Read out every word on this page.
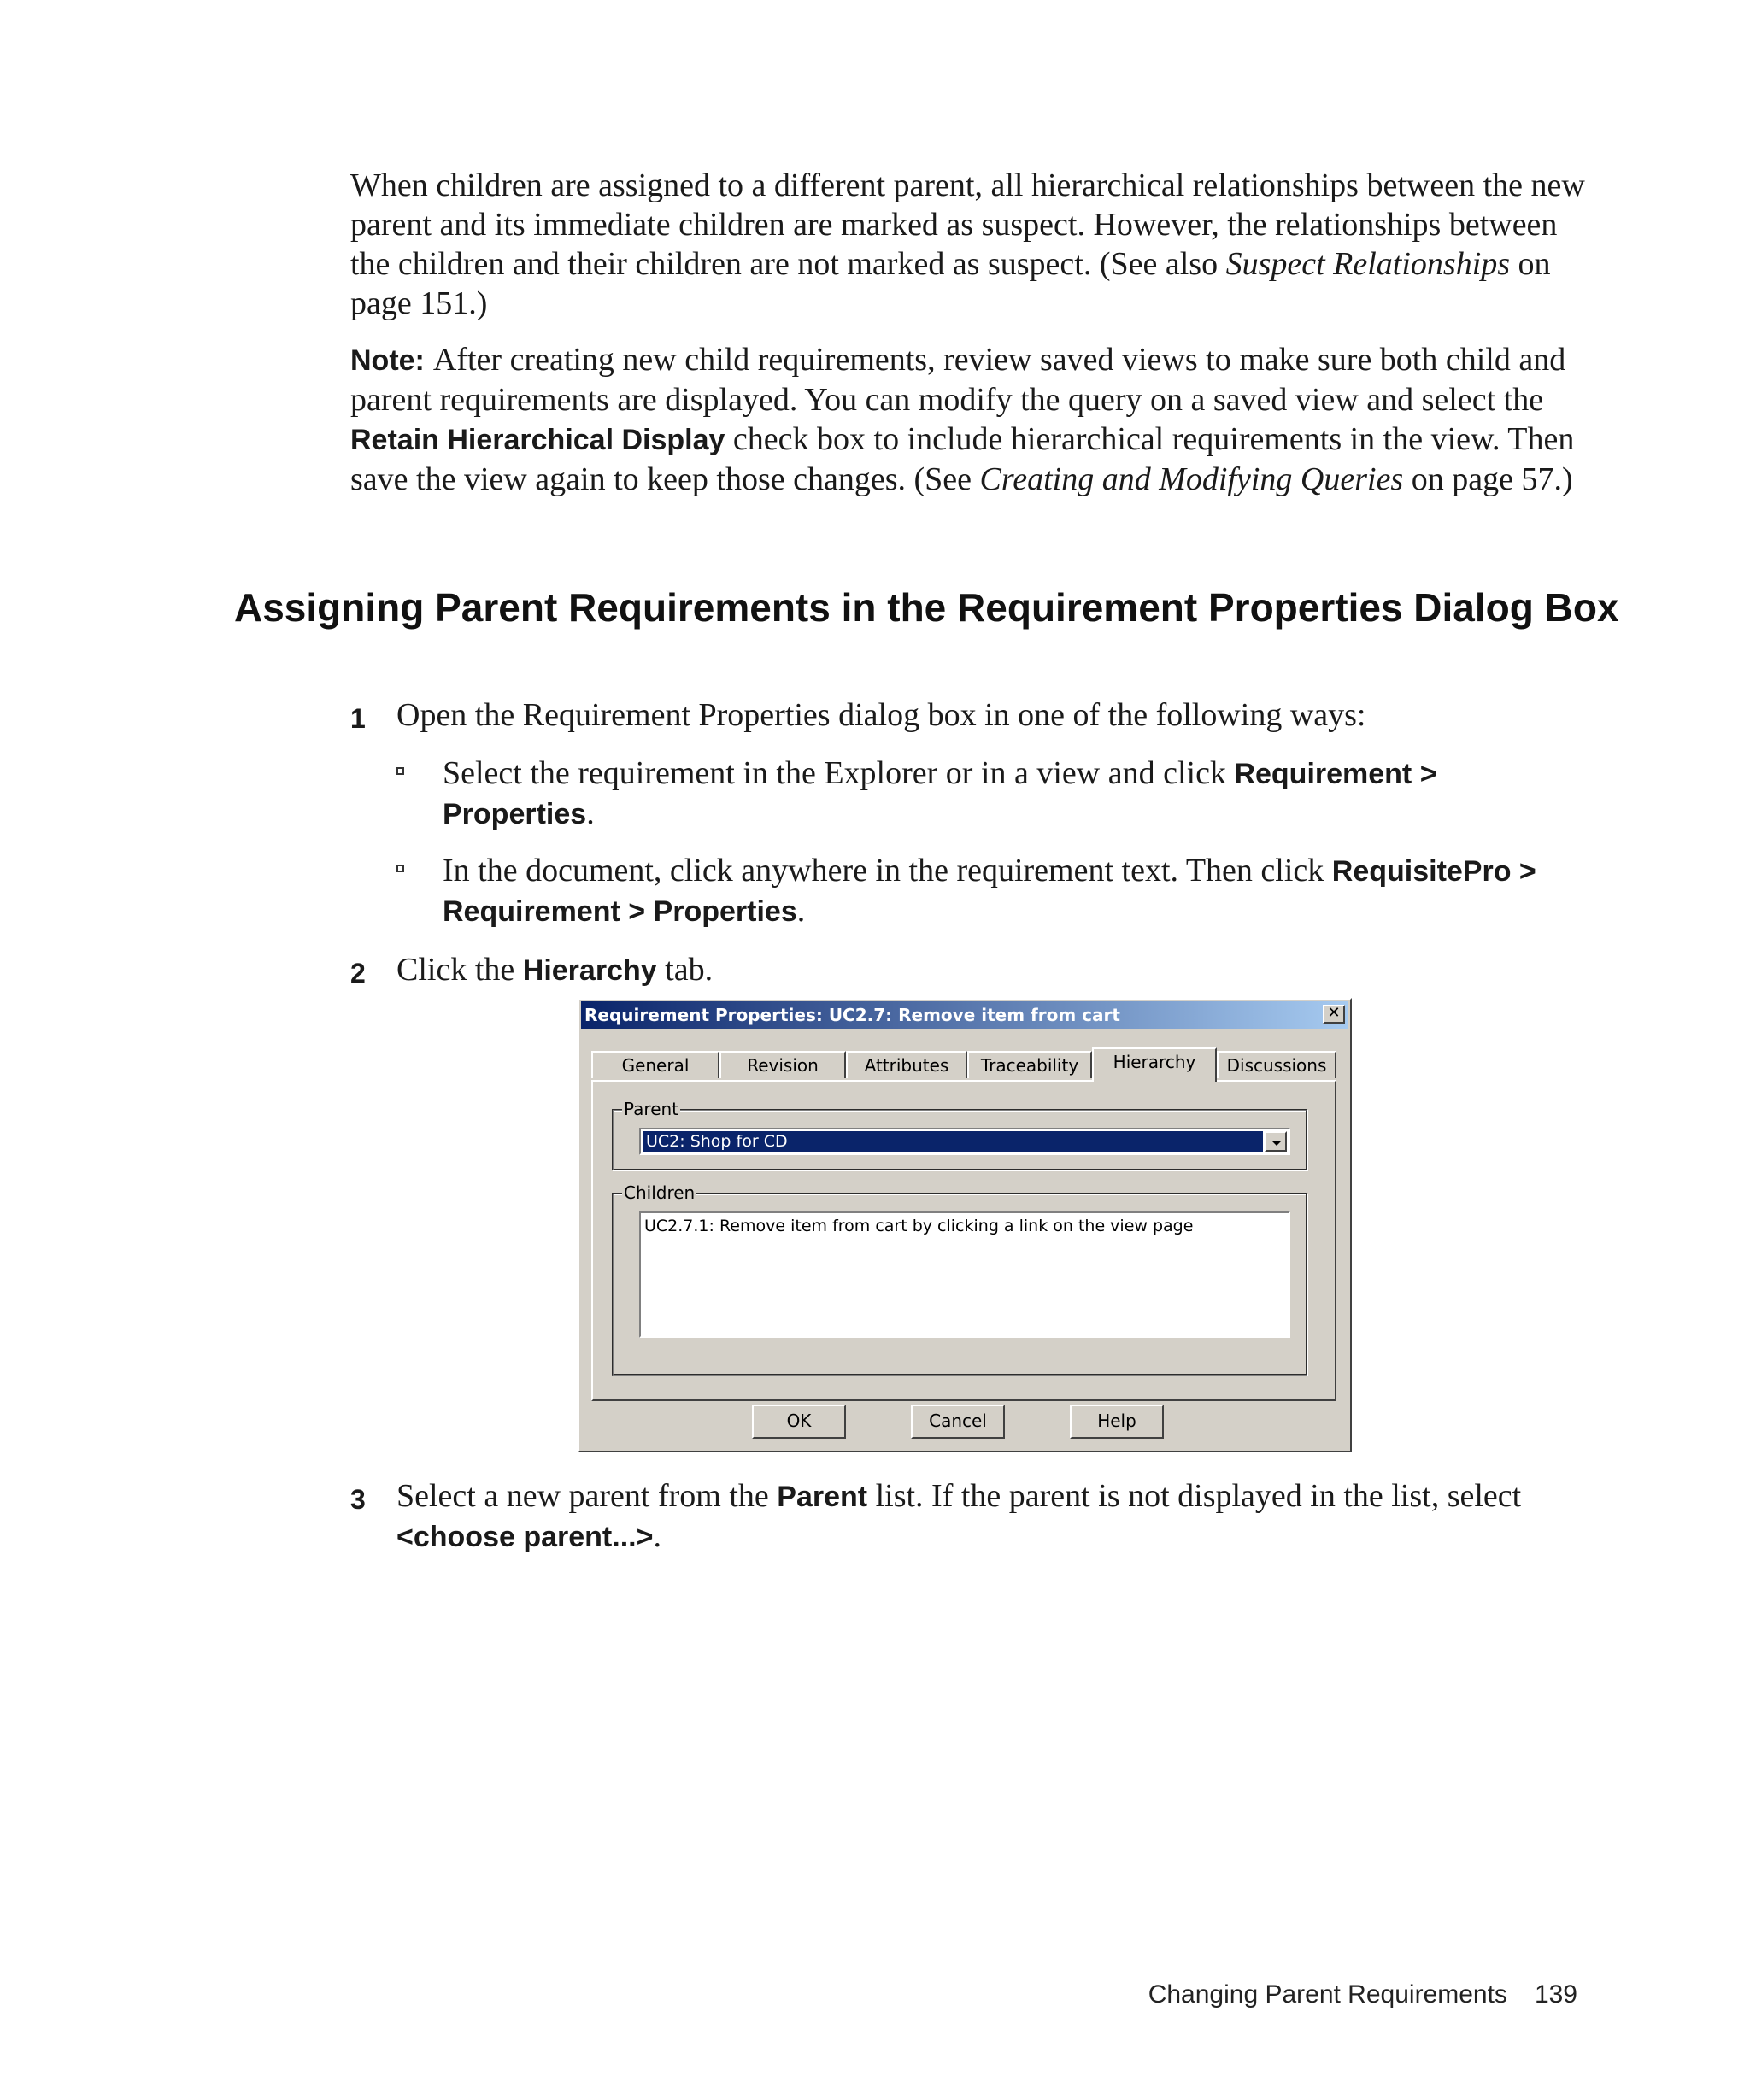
When children are assigned to a different parent, all hierarchical relationships between the new parent and its immediate children are marked as suspect. However, the relationships between the children and their children are not marked as suspect. (See also Suspect Relationships on page 151.)
Note: After creating new child requirements, review saved views to make sure both child and parent requirements are displayed. You can modify the query on a saved view and select the Retain Hierarchical Display check box to include hierarchical requirements in the view. Then save the view again to keep those changes. (See Creating and Modifying Queries on page 57.)
Assigning Parent Requirements in the Requirement Properties Dialog Box
1 Open the Requirement Properties dialog box in one of the following ways:
Select the requirement in the Explorer or in a view and click Requirement > Properties.
In the document, click anywhere in the requirement text. Then click RequisitePro > Requirement > Properties.
2 Click the Hierarchy tab.
Requirement Properties: UC2.7: Remove item from cart	✕
General	Revision	Attributes	Traceability	Hierarchy	Discussions
Parent
UC2: Shop for CD
Children
UC2.7.1: Remove item from cart by clicking a link on the view page
OK	Cancel	Help
3 Select a new parent from the Parent list. If the parent is not displayed in the list, select <choose parent...>.
Changing Parent Requirements 139
